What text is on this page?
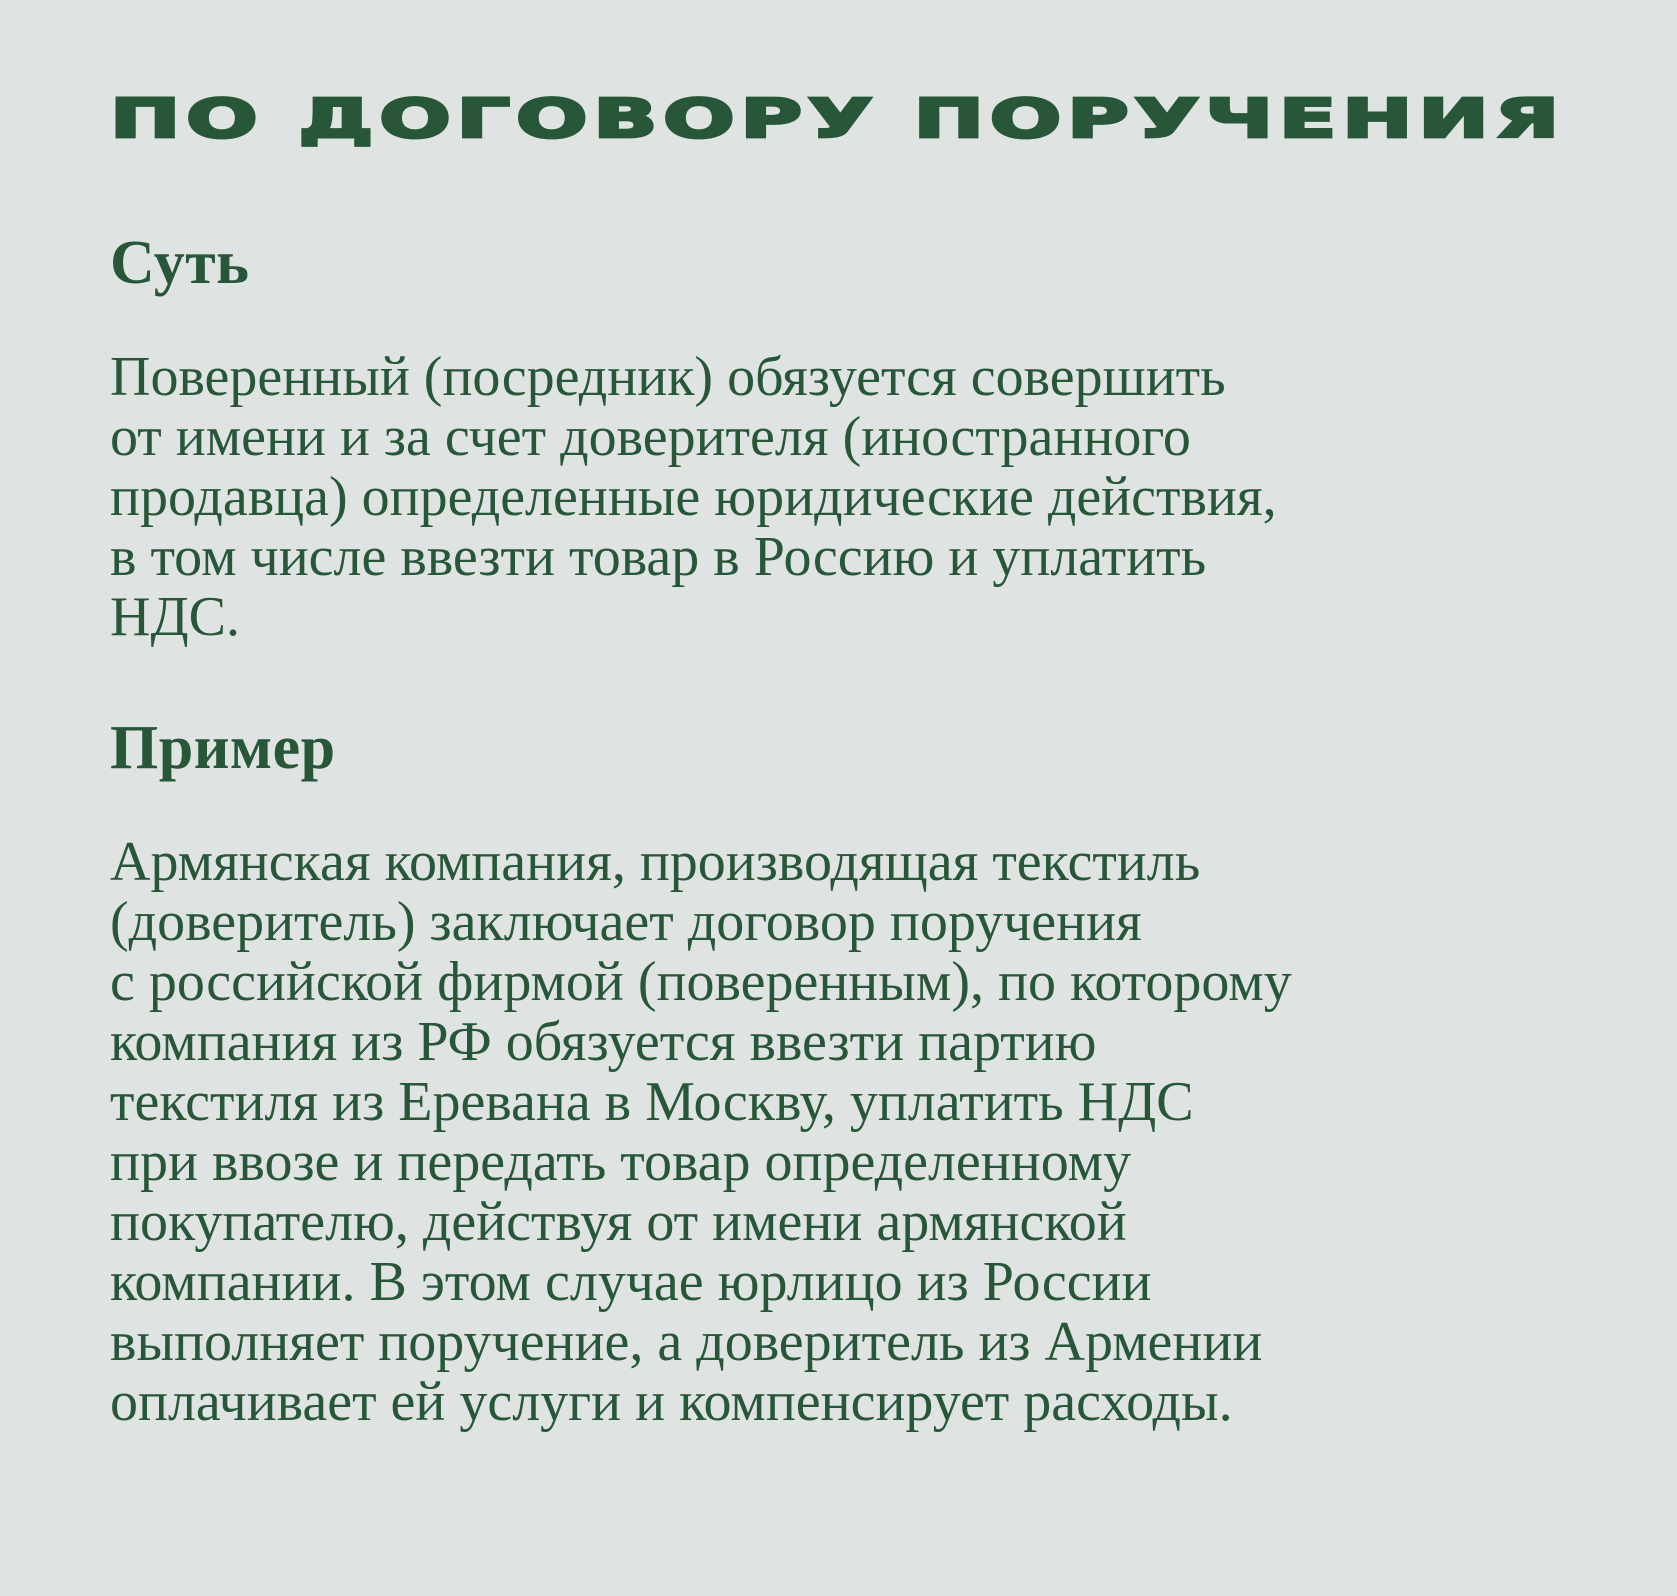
ПО ДОГОВОРУ ПОРУЧЕНИЯ
Суть

Поверенный (посредник) обязуется совершить
от имени и за счет доверителя (иностранного
продавца) определенные юридические действия,
в том числе ввезти товар в Россию и уплатить
НДС.

Пример

Армянская компания, производящая текстиль
(доверитель) заключает договор поручения
с российской фирмой (поверенным), по которому
компания из РФ обязуется ввезти партию
текстиля из Еревана в Москву, уплатить НДС
при ввозе и передать товар определенному
покупателю, действуя от имени армянской
компании. В этом случае юрлицо из России
выполняет поручение, а доверитель из Армении
оплачивает ей услуги и компенсирует расходы.
